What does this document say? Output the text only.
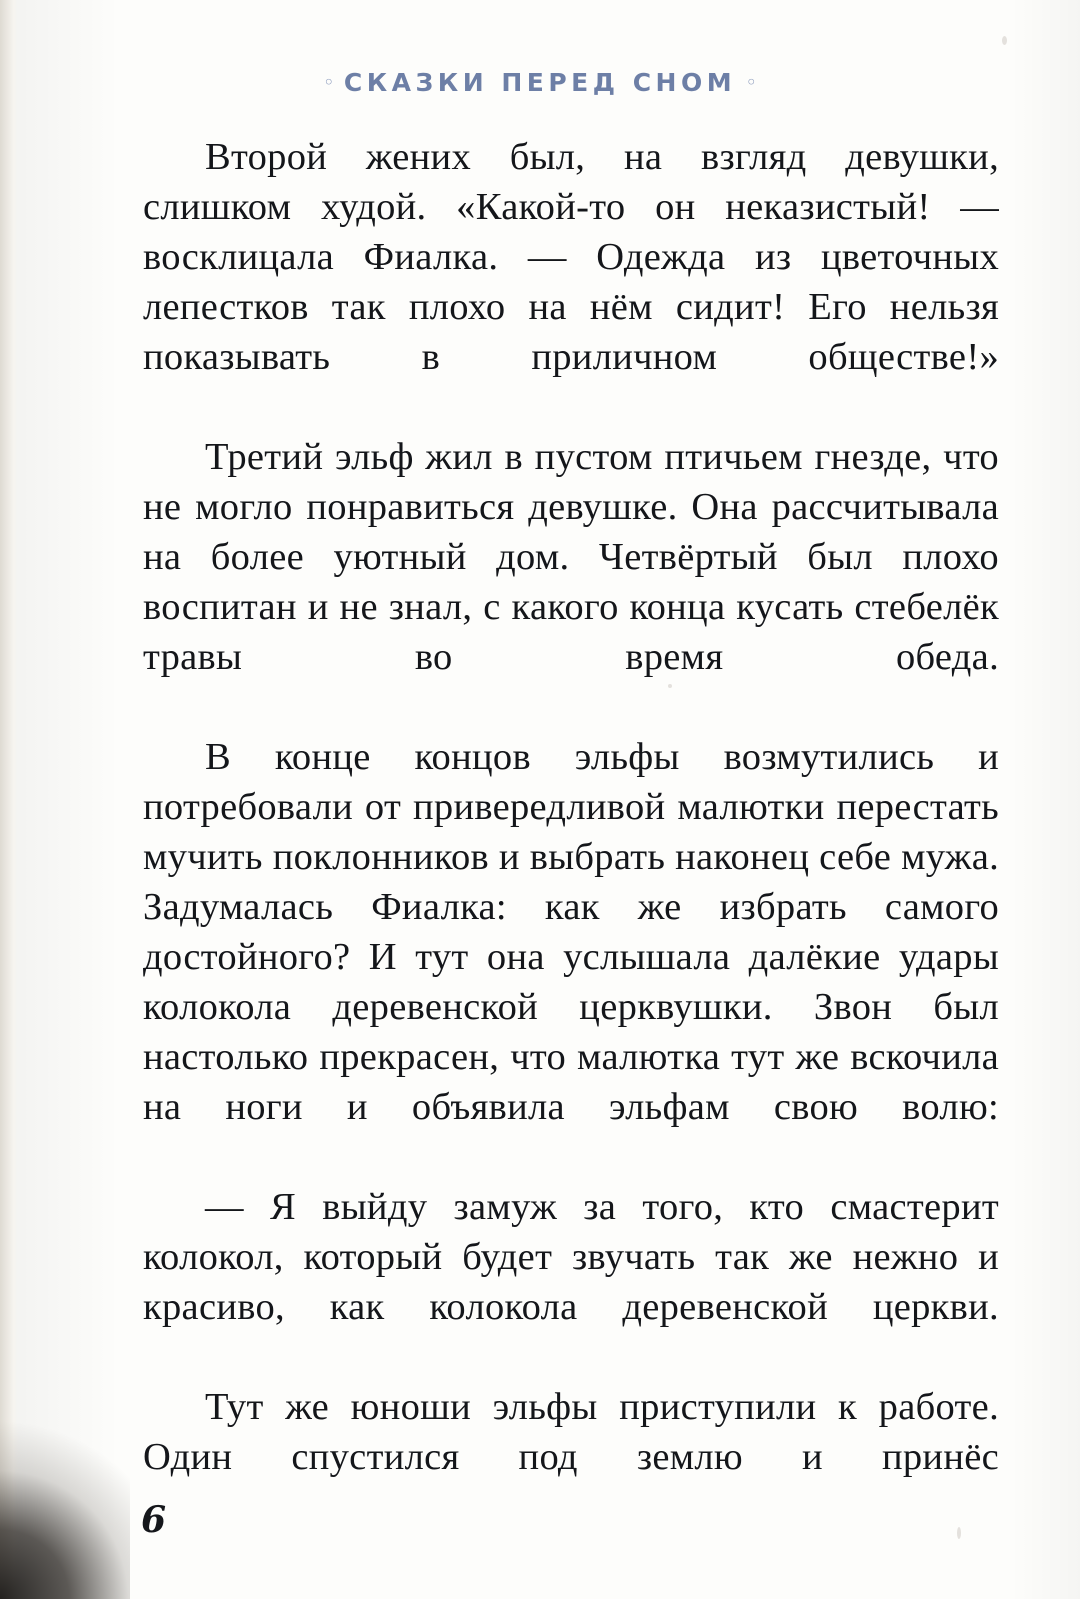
◦ СКАЗКИ ПЕРЕД СНОМ ◦

Второй жених был, на взгляд девушки, слишком худой. «Какой-то он неказистый! — восклицала Фиалка. — Одежда из цветочных лепестков так плохо на нём сидит! Его нельзя показывать в приличном обществе!»

Третий эльф жил в пустом птичьем гнезде, что не могло понравиться девушке. Она рассчитывала на более уютный дом. Четвёртый был плохо воспитан и не знал, с какого конца кусать стебелёк травы во время обеда.

В конце концов эльфы возмутились и потребовали от привередливой малютки перестать мучить поклонников и выбрать наконец себе мужа. Задумалась Фиалка: как же избрать самого достойного? И тут она услышала далёкие удары колокола деревенской церквушки. Звон был настолько прекрасен, что малютка тут же вскочила на ноги и объявила эльфам свою волю:

— Я выйду замуж за того, кто смастерит колокол, который будет звучать так же нежно и красиво, как колокола деревенской церкви.

Тут же юноши эльфы приступили к работе. Один спустился под землю и принёс

6
